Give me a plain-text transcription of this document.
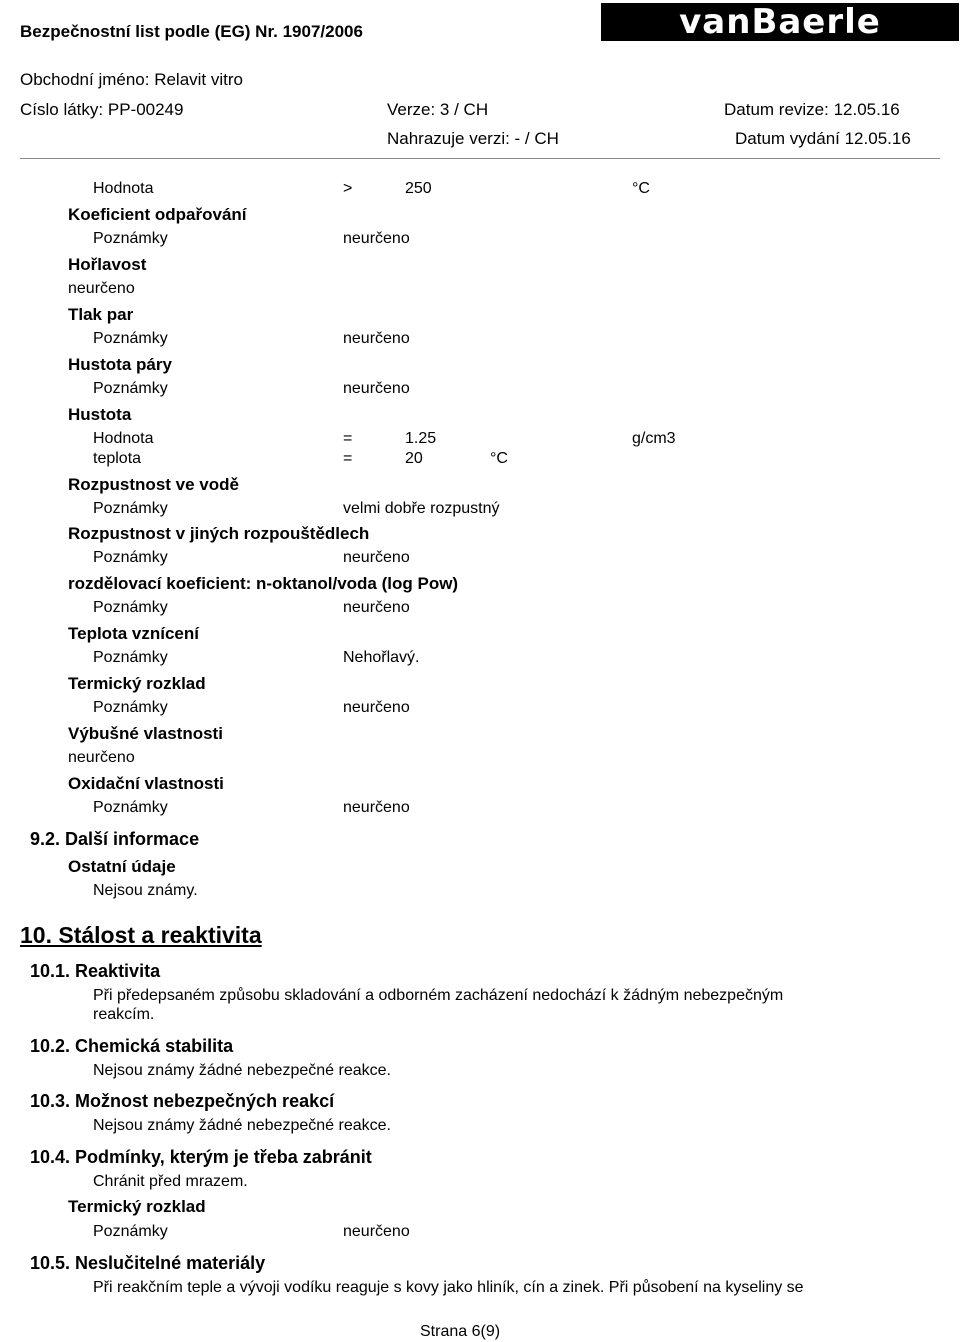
Bezpečnostní list podle (EG) Nr. 1907/2006	vanBaerle
Obchodní jméno: Relavit vitro
Císlo látky: PP-00249	Verze: 3 / CH	Datum revize: 12.05.16
Nahrazuje verzi: - / CH	Datum vydání 12.05.16
Hodnota	>	250	°C
Koeficient odpařování
Poznámky	neurčeno
Hořlavost
neurčeno
Tlak par
Poznámky	neurčeno
Hustota páry
Poznámky	neurčeno
Hustota
Hodnota	=	1.25	g/cm3
teplota	=	20	°C
Rozpustnost ve vodě
Poznámky	velmi dobře rozpustný
Rozpustnost v jiných rozpouštědlech
Poznámky	neurčeno
rozdělovací koeficient: n-oktanol/voda (log Pow)
Poznámky	neurčeno
Teplota vznícení
Poznámky	Nehořlavý.
Termický rozklad
Poznámky	neurčeno
Výbušné vlastnosti
neurčeno
Oxidační vlastnosti
Poznámky	neurčeno
9.2. Další informace
Ostatní údaje
Nejsou známy.
10. Stálost a reaktivita
10.1. Reaktivita
Při předepsaném způsobu skladování a odborném zacházení nedochází k žádným nebezpečným
reakcím.
10.2. Chemická stabilita
Nejsou známy žádné nebezpečné reakce.
10.3. Možnost nebezpečných reakcí
Nejsou známy žádné nebezpečné reakce.
10.4. Podmínky, kterým je třeba zabránit
Chránit před mrazem.
Termický rozklad
Poznámky	neurčeno
10.5. Neslučitelné materiály
Při reakčním teple a vývoji vodíku reaguje s kovy jako hliník, cín a zinek. Při působení na kyseliny se
Strana 6(9)
